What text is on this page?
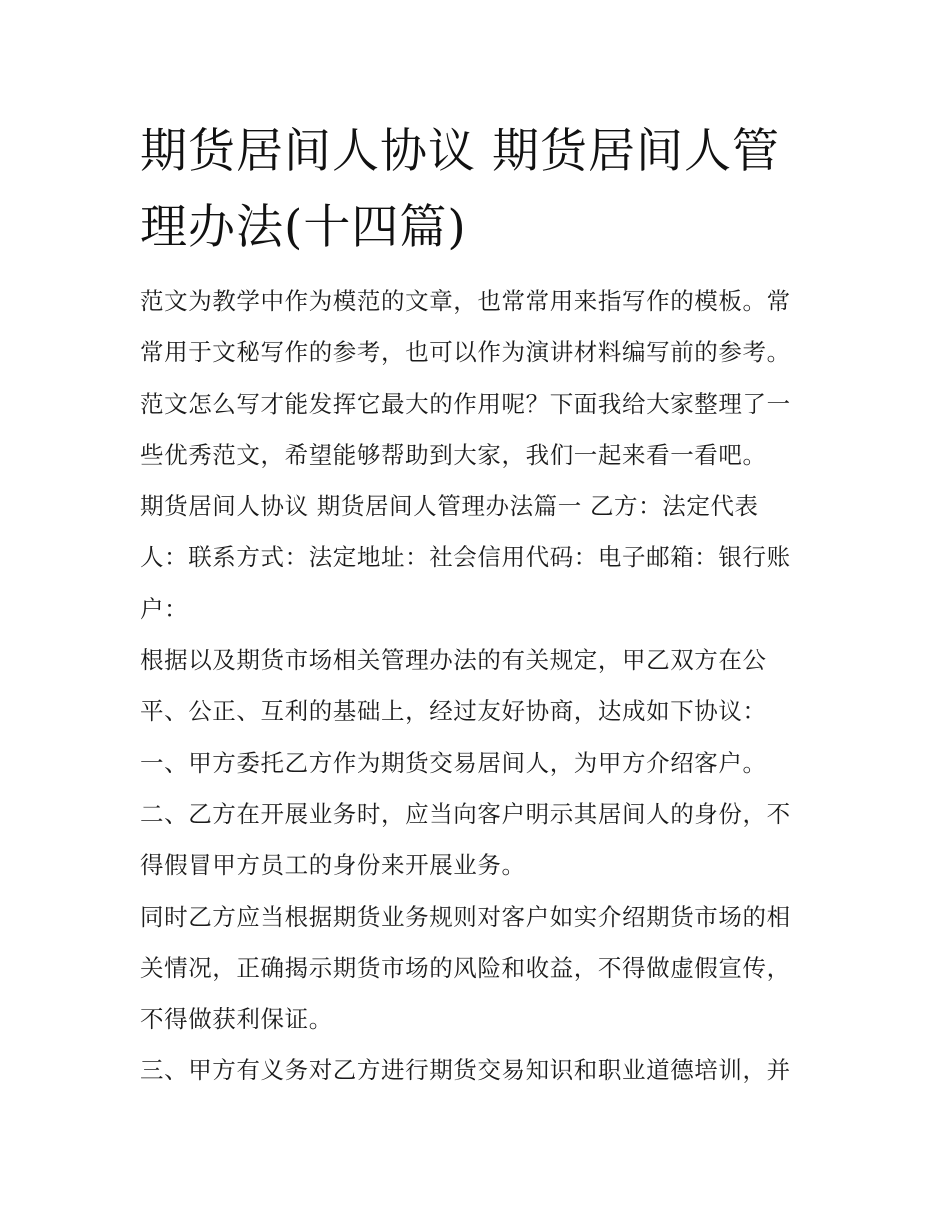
期货居间人协议 期货居间人管
理办法(十四篇)

范文为教学中作为模范的文章，也常常用来指写作的模板。常
常用于文秘写作的参考，也可以作为演讲材料编写前的参考。
范文怎么写才能发挥它最大的作用呢？下面我给大家整理了一
些优秀范文，希望能够帮助到大家，我们一起来看一看吧。

期货居间人协议 期货居间人管理办法篇一 乙方：法定代表
人：联系方式：法定地址：社会信用代码：电子邮箱：银行账
户：

根据以及期货市场相关管理办法的有关规定，甲乙双方在公
平、公正、互利的基础上，经过友好协商，达成如下协议：

一、甲方委托乙方作为期货交易居间人，为甲方介绍客户。

二、乙方在开展业务时，应当向客户明示其居间人的身份，不
得假冒甲方员工的身份来开展业务。

同时乙方应当根据期货业务规则对客户如实介绍期货市场的相
关情况，正确揭示期货市场的风险和收益，不得做虚假宣传，
不得做获利保证。

三、甲方有义务对乙方进行期货交易知识和职业道德培训，并
